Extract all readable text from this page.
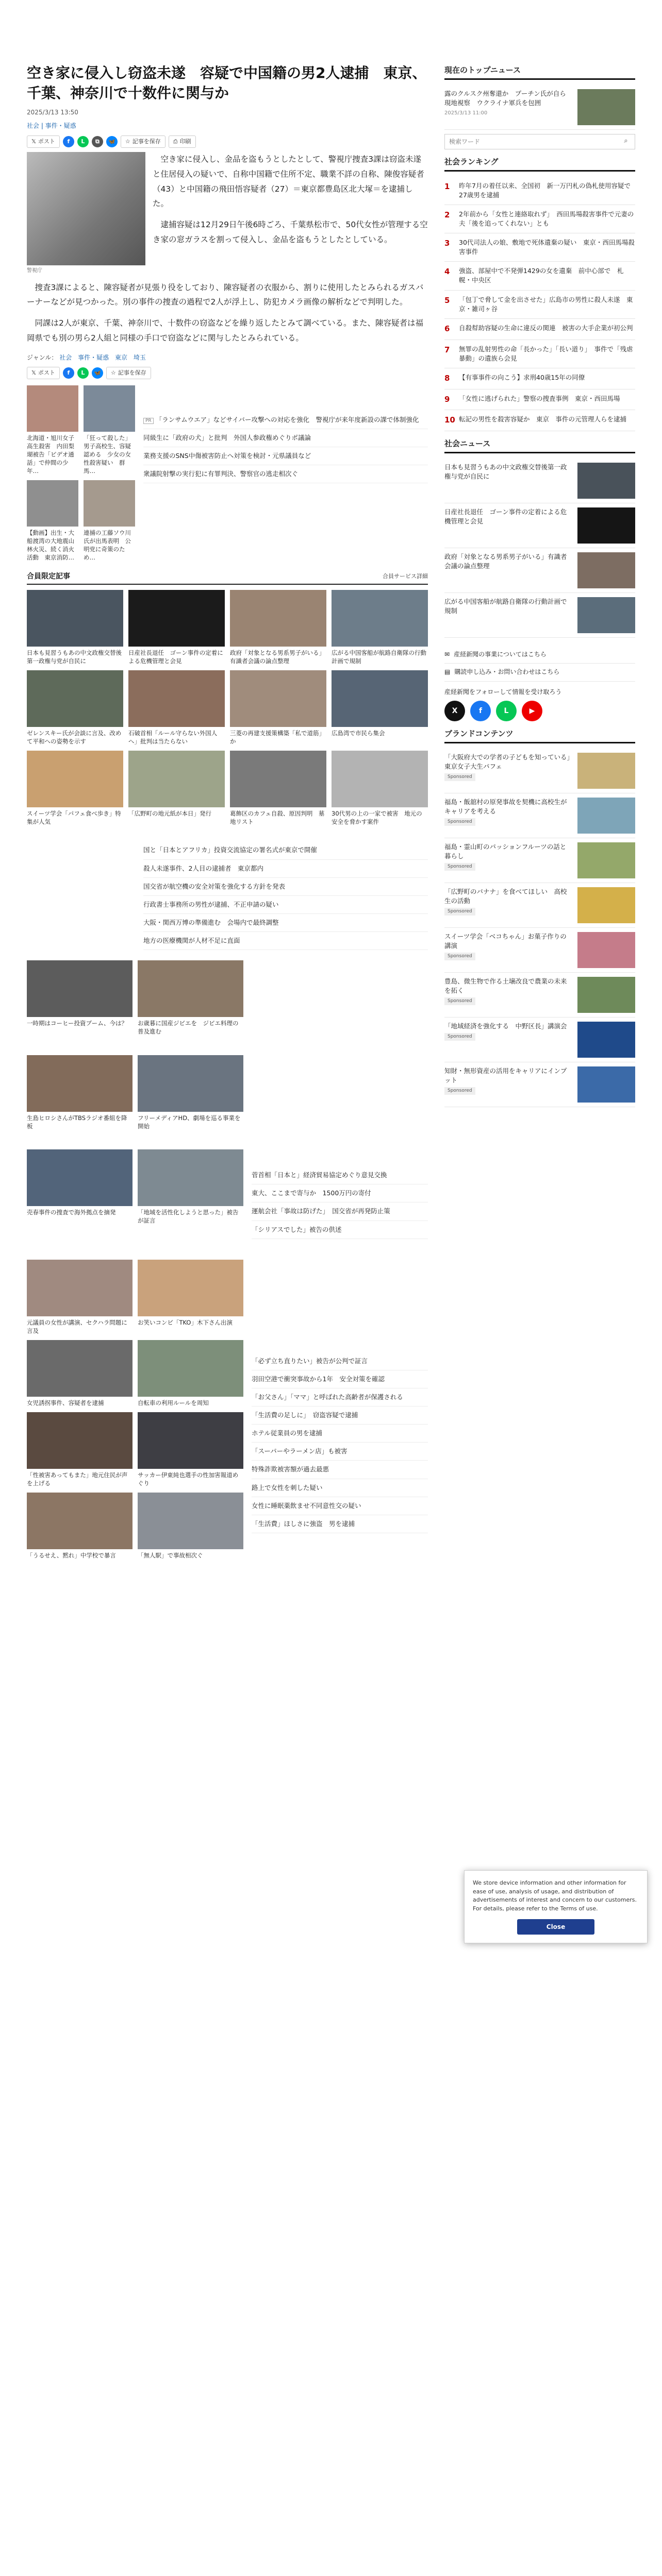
空き家に侵入し窃盗未遂　容疑で中国籍の男2人逮捕　東京、千葉、神奈川で十数件に関与か
2025/3/13 13:50
社会 | 事件・疑惑
𝕏 ポスト	f	L	⧉	🦋	☆ 記事を保存 ⎙ 印刷
警視庁

空き家に侵入し、金品を盗もうとしたとして、警視庁捜査3課は窃盗未遂と住居侵入の疑いで、自称中国籍で住所不定、職業不詳の自称、陳俊容疑者（43）と中国籍の飛田悟容疑者（27）＝東京都豊島区北大塚＝を逮捕した。

逮捕容疑は12月29日午後6時ごろ、千葉県松市で、50代女性が管理する空き家の窓ガラスを割って侵入し、金品を盗もうとしたとしている。

捜査3課によると、陳容疑者が見張り役をしており、陳容疑者の衣服から、割りに使用したとみられるガスバーナーなどが見つかった。別の事件の捜査の過程で2人が浮上し、防犯カメラ画像の解析などで判明した。

同課は2人が東京、千葉、神奈川で、十数件の窃盗などを繰り返したとみて調べている。また、陳容疑者は福岡県でも別の男ら2人組と同様の手口で窃盗などに関与したとみられている。

ジャンル： 社会 事件・疑惑 東京 埼玉
𝕏 ポスト	f	L	🦋	☆ 記事を保存
北海道・旭川女子高生殺害　内田梨瑚被告「ビデオ通話」で仲間の少年…
「狂って殺した」男子高校生、容疑認める　少女の女性殺害疑い　群馬…
【動画】出生・大船渡湾の大地震山林火災、続く消火活動　東京消防…
連捕の工藤ソウ川氏が出馬表明　公明党に奇策のため…
PR 「ランサムウエア」などサイバー攻撃への対応を強化　警視庁が来年度新設の課で体制強化
同級生に「政府の犬」と批判　外国人参政権めぐりボ議論
業務支援のSNS中傷被害防止へ対策を検討・元県議員など
衆議院射撃の実行犯に有罪判決、警察官の逃走相次ぐ
合員限定記事	合員サービス詳細
日本も見習うもあの中文政権交替後第一政権与党が自民に
日産社長退任　ゴーン事件の定着による危機管理と会見
政府「対象となる男系男子がいる」有識者会議の論点整理
広がる中国客船が航路自衛隊の行動計画で規制
ゼレンスキー氏が会談に言及、改めて平和への姿勢を示す
石破首相「ルール守らない外国人へ」批判は当たらない
三菱の再建支援策構築「私で道筋」か
広島湾で市民ら集会
スイーツ学会「パフェ食べ歩き」特集が人気
「広野町の地元紙が本日」発行	葛飾区のカフェ自殺、原因判明　墓地リスト
30代男の上の一家で被害　地元の安全を脅かす案件
国と「日本とアフリカ」投資交流協定の署名式が東京で開催
殺人未遂事件、2人目の逮捕者　東京都内
国交省が航空機の安全対策を強化する方針を発表
行政書士事務所の男性が逮捕、不正申請の疑い
大阪・関西万博の準備進む　会場内で最終調整
地方の医療機関が人材不足に直面
一時期はコーヒー投資ブーム、今は？	お歳暮に国産ジビエを　ジビエ料理の普及進む
生島ヒロシさんがTBSラジオ番組を降板
フリーメディアHD、劇場を巡る事業を開始
売春事件の捜査で海外拠点を摘発	「地域を活性化しようと思った」被告が証言
菅首相「日本と」経済貿易協定めぐり意見交換
東大、ここまで寄与か　1500万円の寄付
運航会社「事故は防げた」　国交省が再発防止策
「シリアスでした」被告の供述
元議員の女性が講演、セクハラ問題に言及
お笑いコンビ「TKO」木下さん出演
女児誘拐事件、容疑者を逮捕	自転車の利用ルールを周知
「性被害あってもまた」地元住民が声を上げる
サッカー伊東純也選手の性加害報道めぐり
「うるせえ、黙れ」中学校で暴言	「無人駅」で事故相次ぐ
「必ず立ち直りたい」被告が公判で証言
羽田空港で衝突事故から1年　安全対策を確認
「お父さん」「ママ」と呼ばれた高齢者が保護される
「生活費の足しに」　窃盗容疑で逮捕
ホテル従業員の男を逮捕
「スーパーやラーメン店」も被害
特殊詐欺被害額が過去最悪
路上で女性を刺した疑い
女性に睡眠薬飲ませ不同意性交の疑い
「生活費」ほしさに強盗　男を逮捕
現在のトップニュース
露のクルスク州奪還か　プーチン氏が自ら現地視察　ウクライナ軍兵を包囲
2025/3/13 11:00
検索ワード
⌕
社会ランキング
1	昨年7月の着任以来、全国初　新一万円札の偽札使用容疑で27歳男を逮捕
2	2年前から「女性と連絡取れず」　西田馬場殺害事件で元妻の夫「後を追ってくれない」とも
3	30代司法人の娘、敷地で死体遺棄の疑い　東京・西田馬場殺害事件
4	強盗、部屋中で不発弾1429の女を遺棄　前中心部で　札幌・中央区
5	「包丁で脅して金を出させた」広島市の男性に殺人未遂　東京・雑司ヶ谷
6	自殺幇助容疑の生命に違反の関連　被害の大手企業が初公判
7	無罪の乱射男性の命「長かった」「長い道り」　事件で「残虐暴動」の遺族ら会見
8	【有事事件の向こう】求刑40歳15年の同僚
9	「女性に逃げられた」警察の捜査事例　東京・西田馬場
10 転記の男性を殺害容疑か　東京　事件の元管理人らを逮捕
社会ニュース
日本も見習うもあの中文政権交替後第一政権与党が自民に
日産社長退任　ゴーン事件の定着による危機管理と会見
政府「対象となる男系男子がいる」有識者会議の論点整理
広がる中国客船が航路自衛隊の行動計画で規制
✉ 産経新聞の事業についてはこちら
▤ 購読申し込み・お問い合わせはこちら
産経新聞をフォローして情報を受け取ろう
X	f	L	▶
ブランドコンテンツ
「大阪府大での学者の子どもを知っている」東京女子大生パフェ
Sponsored
福島・飯舘村の原発事故を契機に高校生がキャリアを考える
Sponsored
福島・霊山町のパッションフルーツの話と暮らし
Sponsored
「広野町のバナナ」を食べてほしい　高校生の活動
Sponsored
スイーツ学会「ベコちゃん」お菓子作りの講演
Sponsored
豊島、微生物で作る土壌改良で農業の未来を拓く
Sponsored
「地域経済を強化する　中野区長」講演会
Sponsored
知財・無形資産の活用をキャリアにインプット
Sponsored
We store device information and other information for ease of use, analysis of usage, and distribution of advertisements of interest and concern to our customers. For details, please refer to the Terms of use.
Close
